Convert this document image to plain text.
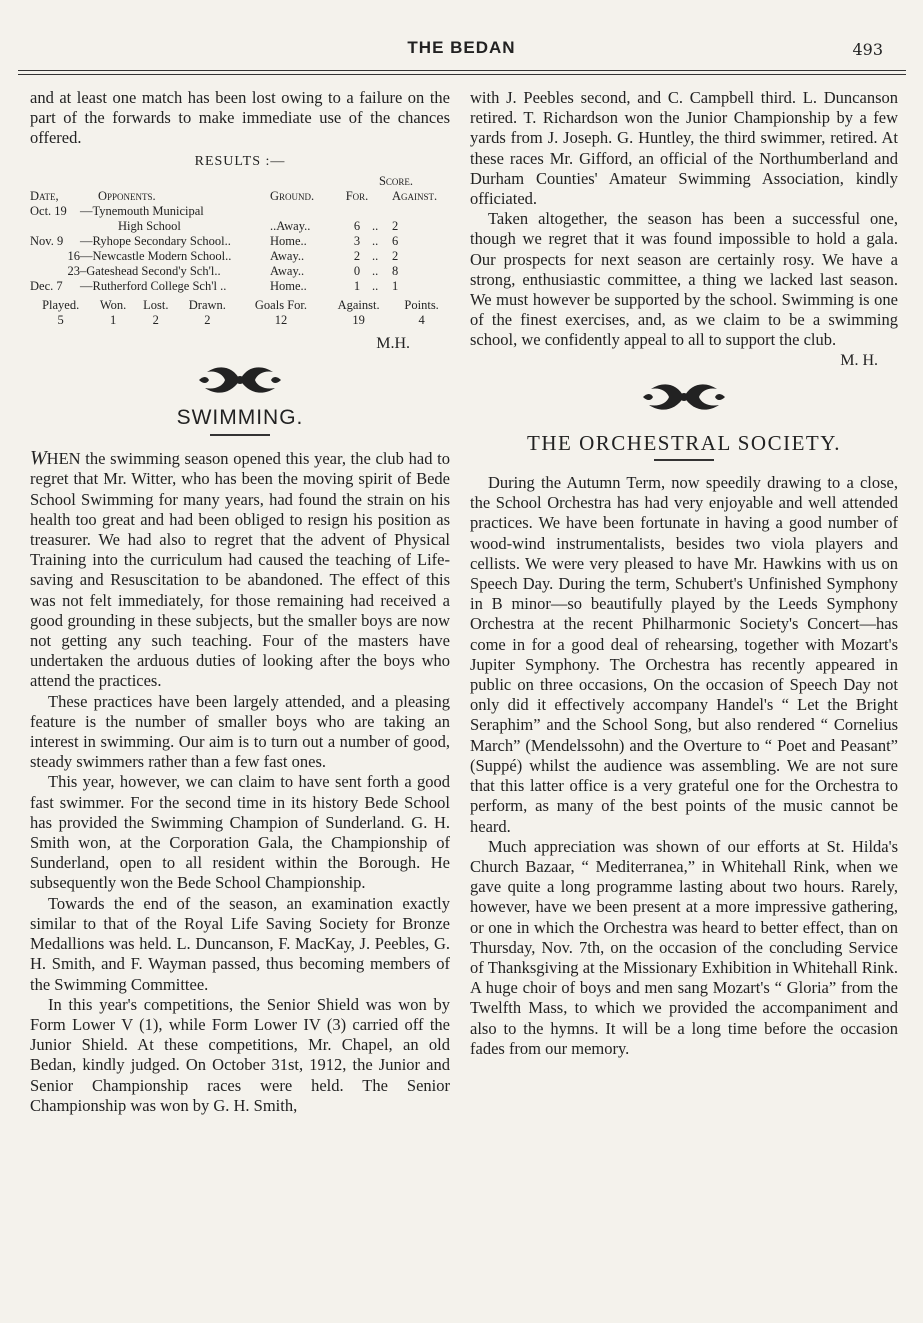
THE BEDAN	493

and at least one match has been lost owing to a failure on the part of the forwards to make immediate use of the chances offered.

RESULTS :—
			Score.		
Date,	Opponents.	Ground.	For.		Against.
Oct. 19	—Tynemouth Municipal				
	High School	..Away..	6	..	2
Nov. 9	—Ryhope Secondary School..	Home..	3	..	6
16	—Newcastle Modern School..	Away..	2	..	2
23	–Gateshead Second'y Sch'l..	Away..	0	..	8
Dec. 7	—Rutherford College Sch'l ..	Home..	1	..	1
Played.	Won.	Lost.	Drawn.	Goals For.	Against.	Points.
5	1	2	2	12	19	4
M.H.
SWIMMING.

WHEN the swimming season opened this year, the club had to regret that Mr. Witter, who has been the moving spirit of Bede School Swimming for many years, had found the strain on his health too great and had been obliged to resign his position as treasurer. We had also to regret that the advent of Physical Training into the curriculum had caused the teaching of Life-saving and Resuscitation to be abandoned. The effect of this was not felt immediately, for those remaining had received a good grounding in these subjects, but the smaller boys are now not getting any such teaching. Four of the masters have undertaken the arduous duties of looking after the boys who attend the practices.

These practices have been largely attended, and a pleasing feature is the number of smaller boys who are taking an interest in swimming. Our aim is to turn out a number of good, steady swimmers rather than a few fast ones.

This year, however, we can claim to have sent forth a good fast swimmer. For the second time in its history Bede School has provided the Swimming Champion of Sunderland. G. H. Smith won, at the Corporation Gala, the Championship of Sunderland, open to all resident within the Borough. He subsequently won the Bede School Championship.

Towards the end of the season, an examination exactly similar to that of the Royal Life Saving Society for Bronze Medallions was held. L. Duncanson, F. MacKay, J. Peebles, G. H. Smith, and F. Wayman passed, thus becoming members of the Swimming Committee.

In this year's competitions, the Senior Shield was won by Form Lower V (1), while Form Lower IV (3) carried off the Junior Shield. At these competitions, Mr. Chapel, an old Bedan, kindly judged. On October 31st, 1912, the Junior and Senior Championship races were held. The Senior Championship was won by G. H. Smith,

with J. Peebles second, and C. Campbell third. L. Duncanson retired. T. Richardson won the Junior Championship by a few yards from J. Joseph. G. Huntley, the third swimmer, retired. At these races Mr. Gifford, an official of the Northumberland and Durham Counties' Amateur Swimming Association, kindly officiated.

Taken altogether, the season has been a successful one, though we regret that it was found impossible to hold a gala. Our prospects for next season are certainly rosy. We have a strong, enthusiastic committee, a thing we lacked last season. We must however be supported by the school. Swimming is one of the finest exercises, and, as we claim to be a swimming school, we confidently appeal to all to support the club.

M. H.
THE ORCHESTRAL SOCIETY.

During the Autumn Term, now speedily drawing to a close, the School Orchestra has had very enjoyable and well attended practices. We have been fortunate in having a good number of wood-wind instrumentalists, besides two viola players and cellists. We were very pleased to have Mr. Hawkins with us on Speech Day. During the term, Schubert's Unfinished Symphony in B minor—so beautifully played by the Leeds Symphony Orchestra at the recent Philharmonic Society's Concert—has come in for a good deal of rehearsing, together with Mozart's Jupiter Symphony. The Orchestra has recently appeared in public on three occasions, On the occasion of Speech Day not only did it effectively accompany Handel's “ Let the Bright Seraphim” and the School Song, but also rendered “ Cornelius March” (Mendelssohn) and the Overture to “ Poet and Peasant” (Suppé) whilst the audience was assembling. We are not sure that this latter office is a very grateful one for the Orchestra to perform, as many of the best points of the music cannot be heard.

Much appreciation was shown of our efforts at St. Hilda's Church Bazaar, “ Mediterranea,” in Whitehall Rink, when we gave quite a long programme lasting about two hours. Rarely, however, have we been present at a more impressive gathering, or one in which the Orchestra was heard to better effect, than on Thursday, Nov. 7th, on the occasion of the concluding Service of Thanksgiving at the Missionary Exhibition in Whitehall Rink. A huge choir of boys and men sang Mozart's “ Gloria” from the Twelfth Mass, to which we provided the accompaniment and also to the hymns. It will be a long time before the occasion fades from our memory.
